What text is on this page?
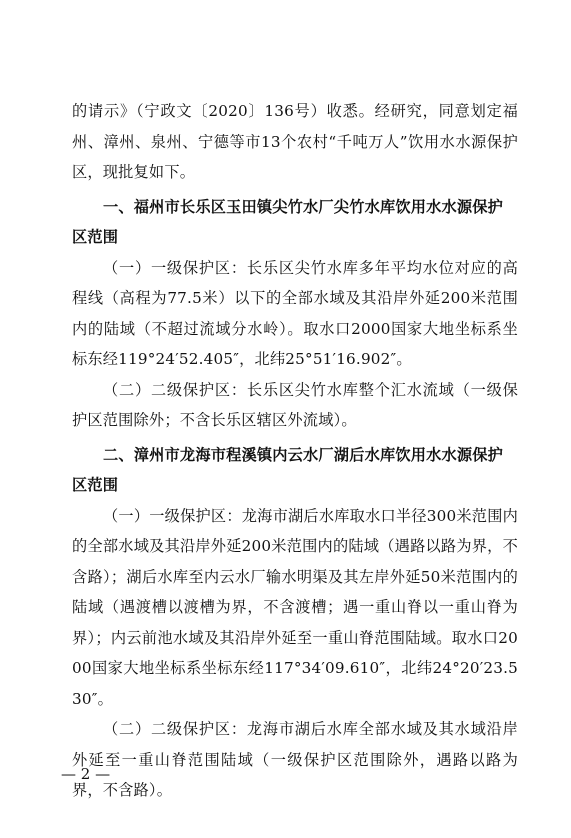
的请示》（宁政文〔2020〕136号）收悉。经研究，同意划定福州、漳州、泉州、宁德等市13个农村“千吨万人”饮用水水源保护区，现批复如下。

一、福州市长乐区玉田镇尖竹水厂尖竹水库饮用水水源保护区范围

（一）一级保护区：长乐区尖竹水库多年平均水位对应的高程线（高程为77.5米）以下的全部水域及其沿岸外延200米范围内的陆域（不超过流域分水岭）。取水口2000国家大地坐标系坐标东经119°24′52.405″，北纬25°51′16.902″。

（二）二级保护区：长乐区尖竹水库整个汇水流域（一级保护区范围除外；不含长乐区辖区外流域）。

二、漳州市龙海市程溪镇内云水厂湖后水库饮用水水源保护区范围

（一）一级保护区：龙海市湖后水库取水口半径300米范围内的全部水域及其沿岸外延200米范围内的陆域（遇路以路为界，不含路）；湖后水库至内云水厂输水明渠及其左岸外延50米范围内的陆域（遇渡槽以渡槽为界，不含渡槽；遇一重山脊以一重山脊为界）；内云前池水域及其沿岸外延至一重山脊范围陆域。取水口2000国家大地坐标系坐标东经117°34′09.610″，北纬24°20′23.530″。

（二）二级保护区：龙海市湖后水库全部水域及其水域沿岸外延至一重山脊范围陆域（一级保护区范围除外，遇路以路为界，不含路）。

— 2 —
